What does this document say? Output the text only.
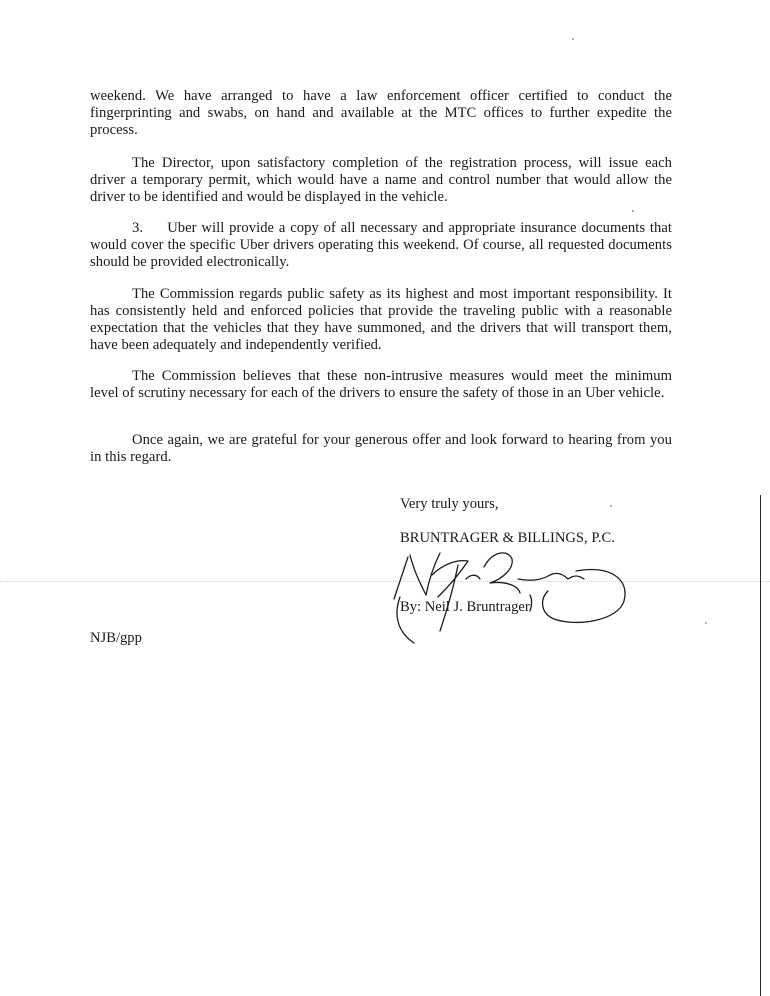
weekend. We have arranged to have a law enforcement officer certified to conduct the fingerprinting and swabs, on hand and available at the MTC offices to further expedite the process.

The Director, upon satisfactory completion of the registration process, will issue each driver a temporary permit, which would have a name and control number that would allow the driver to be identified and would be displayed in the vehicle.

3.     Uber will provide a copy of all necessary and appropriate insurance documents that would cover the specific Uber drivers operating this weekend. Of course, all requested documents should be provided electronically.

The Commission regards public safety as its highest and most important responsibility. It has consistently held and enforced policies that provide the traveling public with a reasonable expectation that the vehicles that they have summoned, and the drivers that will transport them, have been adequately and independently verified.

The Commission believes that these non-intrusive measures would meet the minimum level of scrutiny necessary for each of the drivers to ensure the safety of those in an Uber vehicle.

Once again, we are grateful for your generous offer and look forward to hearing from you in this regard.

Very truly yours,

BRUNTRAGER & BILLINGS, P.C.

By: Neil J. Bruntrager

NJB/gpp
